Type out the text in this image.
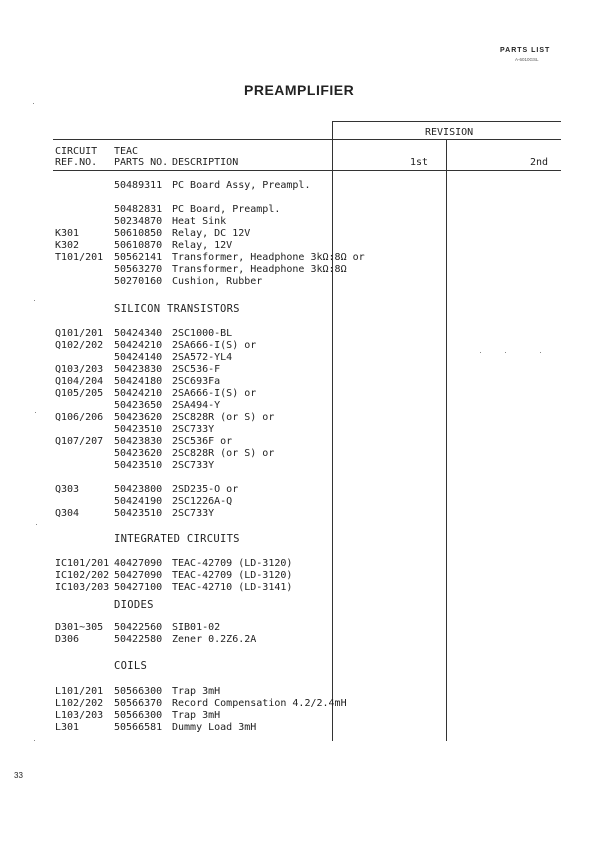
PARTS LIST
A-6010GSL
PREAMPLIFIER
REVISION
CIRCUIT
REF.NO.
TEAC
PARTS NO. DESCRIPTION	1st	2nd
50489311 PC Board Assy, Preampl.
50482831 PC Board, Preampl.
50234870 Heat Sink
K301	50610850 Relay, DC 12V
K302	50610870 Relay, 12V
T101/201 50562141 Transformer, Headphone 3kΩ:8Ω or
50563270 Transformer, Headphone 3kΩ:8Ω
50270160 Cushion, Rubber
SILICON TRANSISTORS
Q101/201 50424340 2SC1000-BL
Q102/202 50424210 2SA666-I(S) or
50424140 2SA572-YL4
Q103/203 50423830 2SC536-F
Q104/204 50424180 2SC693Fa
Q105/205 50424210 2SA666-I(S) or
50423650 2SA494-Y
Q106/206 50423620 2SC828R (or S) or
50423510 2SC733Y
Q107/207 50423830 2SC536F or
50423620 2SC828R (or S) or
50423510 2SC733Y
Q303	50423800 2SD235-O or
50424190 2SC1226A-Q
Q304	50423510 2SC733Y
INTEGRATED CIRCUITS
IC101/201 40427090 TEAC-42709 (LD-3120)
IC102/202 50427090 TEAC-42709 (LD-3120)
IC103/203 50427100 TEAC-42710 (LD-3141)
DIODES
D301~305 50422560 SIB01-02
D306	50422580 Zener 0.2Z6.2A
COILS
L101/201 50566300 Trap 3mH
L102/202 50566370 Record Compensation 4.2/2.4mH
L103/203 50566300 Trap 3mH
L301	50566581 Dummy Load 3mH
33
